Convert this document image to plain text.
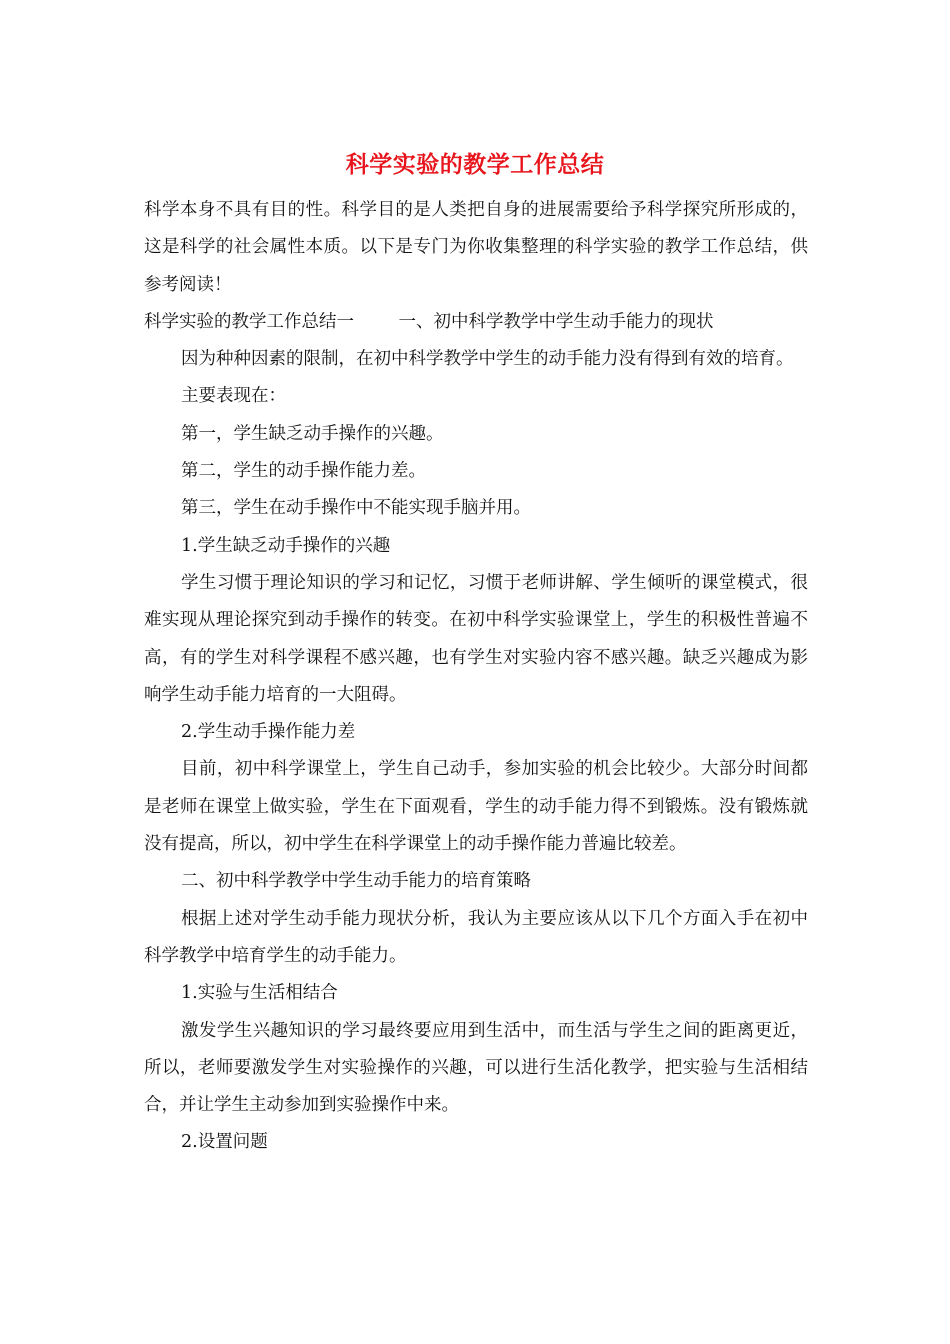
科学实验的教学工作总结

科学本身不具有目的性。科学目的是人类把自身的进展需要给予科学探究所形成的，这是科学的社会属性本质。以下是专门为你收集整理的科学实验的教学工作总结，供参考阅读！

科学实验的教学工作总结一	一、初中科学教学中学生动手能力的现状

因为种种因素的限制，在初中科学教学中学生的动手能力没有得到有效的培育。

主要表现在：

第一，学生缺乏动手操作的兴趣。

第二，学生的动手操作能力差。

第三，学生在动手操作中不能实现手脑并用。

1.学生缺乏动手操作的兴趣

学生习惯于理论知识的学习和记忆，习惯于老师讲解、学生倾听的课堂模式，很难实现从理论探究到动手操作的转变。在初中科学实验课堂上，学生的积极性普遍不高，有的学生对科学课程不感兴趣，也有学生对实验内容不感兴趣。缺乏兴趣成为影响学生动手能力培育的一大阻碍。

2.学生动手操作能力差

目前，初中科学课堂上，学生自己动手，参加实验的机会比较少。大部分时间都是老师在课堂上做实验，学生在下面观看，学生的动手能力得不到锻炼。没有锻炼就没有提高，所以，初中学生在科学课堂上的动手操作能力普遍比较差。

二、初中科学教学中学生动手能力的培育策略

根据上述对学生动手能力现状分析，我认为主要应该从以下几个方面入手在初中科学教学中培育学生的动手能力。

1.实验与生活相结合

激发学生兴趣知识的学习最终要应用到生活中，而生活与学生之间的距离更近，所以，老师要激发学生对实验操作的兴趣，可以进行生活化教学，把实验与生活相结合，并让学生主动参加到实验操作中来。

2.设置问题
